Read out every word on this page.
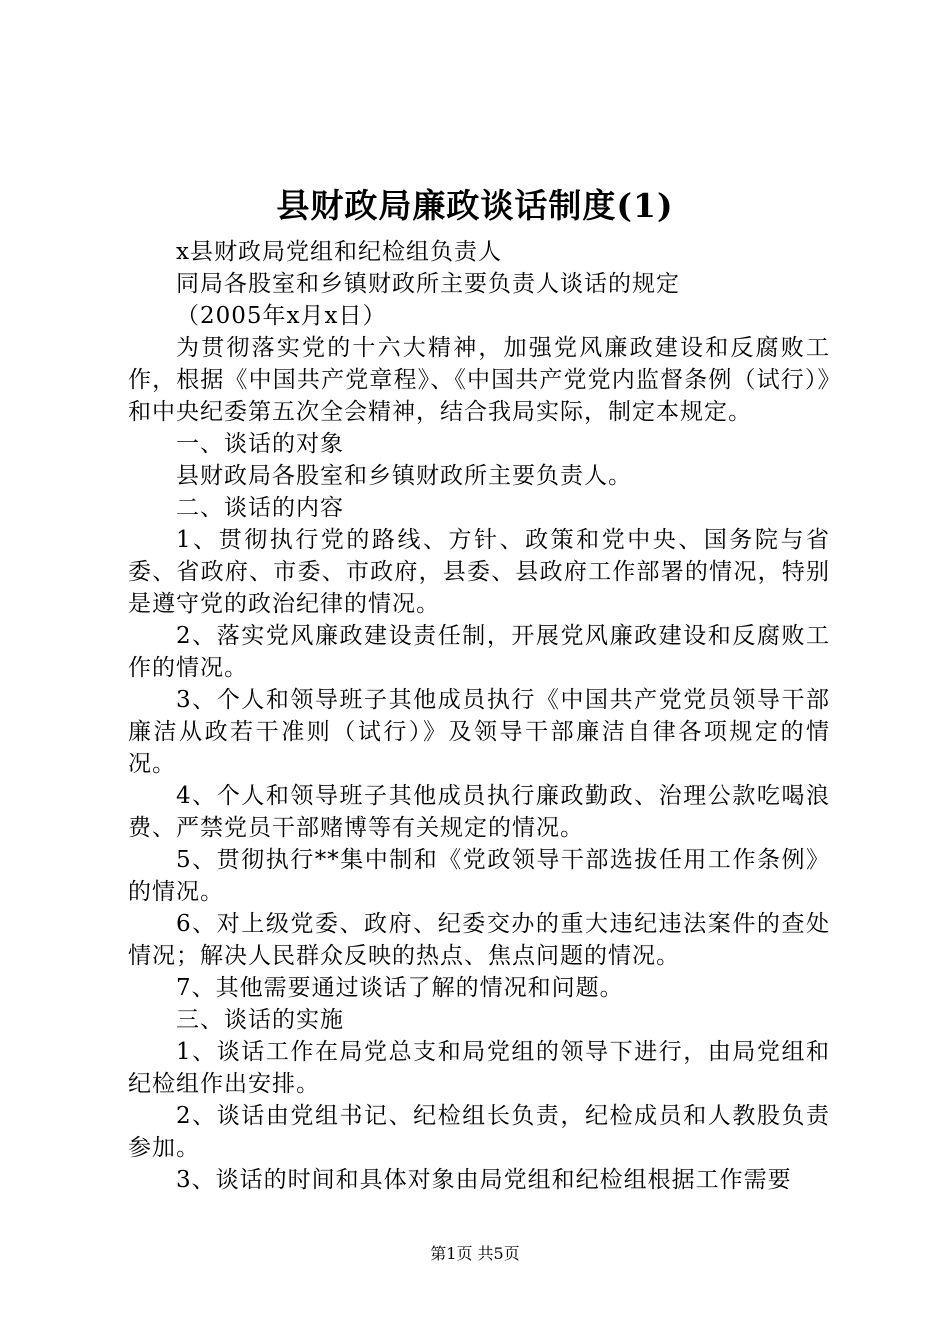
县财政局廉政谈话制度(1)

x县财政局党组和纪检组负责人

同局各股室和乡镇财政所主要负责人谈话的规定

（2005年x月x日）

为贯彻落实党的十六大精神，加强党风廉政建设和反腐败工作，根据《中国共产党章程》、《中国共产党党内监督条例（试行）》和中央纪委第五次全会精神，结合我局实际，制定本规定。

一、谈话的对象

县财政局各股室和乡镇财政所主要负责人。

二、谈话的内容

1、贯彻执行党的路线、方针、政策和党中央、国务院与省委、省政府、市委、市政府，县委、县政府工作部署的情况，特别是遵守党的政治纪律的情况。

2、落实党风廉政建设责任制，开展党风廉政建设和反腐败工作的情况。

3、个人和领导班子其他成员执行《中国共产党党员领导干部廉洁从政若干准则（试行）》及领导干部廉洁自律各项规定的情况。

4、个人和领导班子其他成员执行廉政勤政、治理公款吃喝浪费、严禁党员干部赌博等有关规定的情况。

5、贯彻执行**集中制和《党政领导干部选拔任用工作条例》的情况。

6、对上级党委、政府、纪委交办的重大违纪违法案件的查处情况；解决人民群众反映的热点、焦点问题的情况。

7、其他需要通过谈话了解的情况和问题。

三、谈话的实施

1、谈话工作在局党总支和局党组的领导下进行，由局党组和纪检组作出安排。

2、谈话由党组书记、纪检组长负责，纪检成员和人教股负责参加。

3、谈话的时间和具体对象由局党组和纪检组根据工作需要

第1页 共5页
